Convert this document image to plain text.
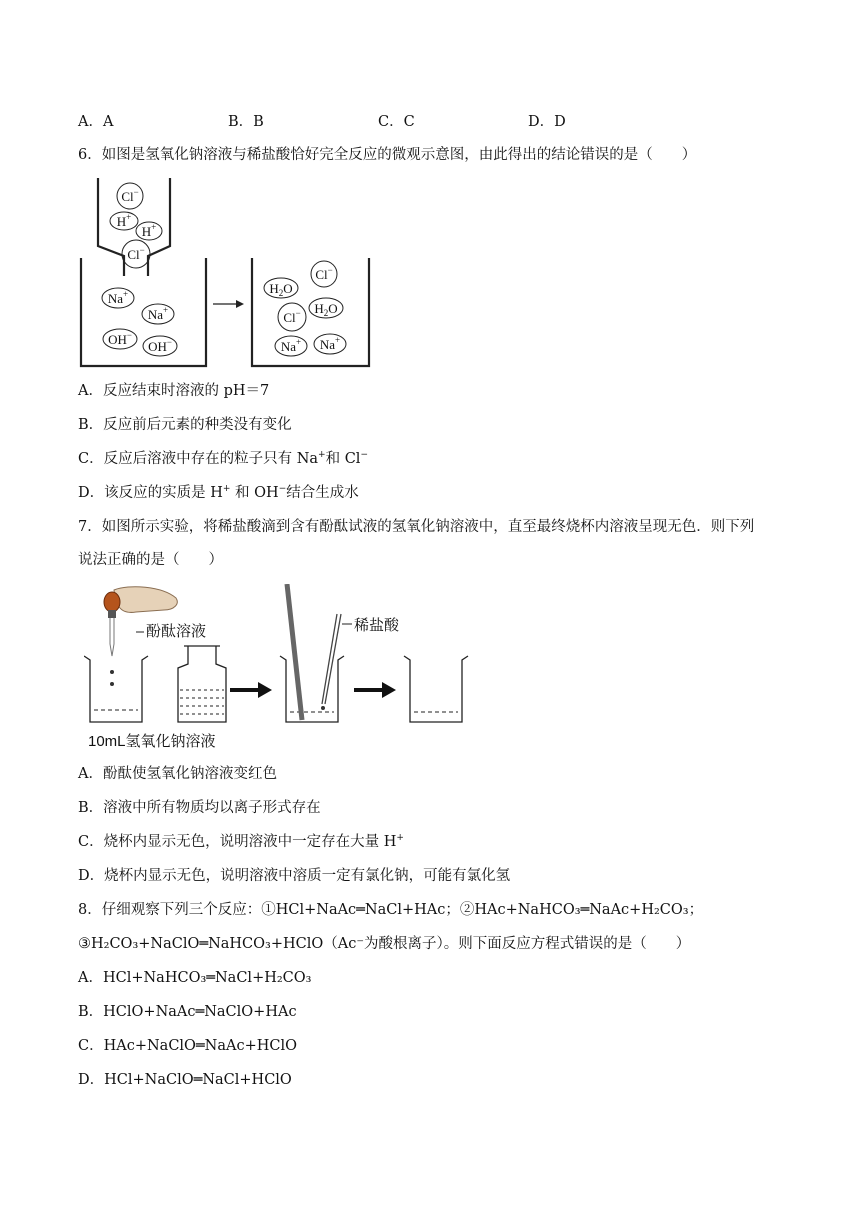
A．A	B．B	C．C	D．D
6．如图是氢氧化钠溶液与稀盐酸恰好完全反应的微观示意图，由此得出的结论错误的是（　　）
Cl−
H+
H+
Cl−
Na+
Na+
OH−
OH−
$H_2O$
Cl−
$H_2O$
Cl−
Na+ Na+
A．反应结束时溶液的 pH＝7
B．反应前后元素的种类没有变化
C．反应后溶液中存在的粒子只有 Na+和 Cl−
D．该反应的实质是 H+ 和 OH−结合生成水
7．如图所示实验，将稀盐酸滴到含有酚酞试液的氢氧化钠溶液中，直至最终烧杯内溶液呈现无色．则下列
说法正确的是（　　）
酚酞溶液
10mL氢氧化钠溶液
稀盐酸
A．酚酞使氢氧化钠溶液变红色
B．溶液中所有物质均以离子形式存在
C．烧杯内显示无色，说明溶液中一定存在大量 H+
D．烧杯内显示无色，说明溶液中溶质一定有氯化钠，可能有氯化氢
8．仔细观察下列三个反应：①HCl+NaAc═NaCl+HAc；②HAc+NaHCO₃═NaAc+H₂CO₃；
③H₂CO₃+NaClO═NaHCO₃+HClO（Ac⁻为酸根离子）。则下面反应方程式错误的是（　　）
A．HCl+NaHCO₃═NaCl+H₂CO₃
B．HClO+NaAc═NaClO+HAc
C．HAc+NaClO═NaAc+HClO
D．HCl+NaClO═NaCl+HClO
